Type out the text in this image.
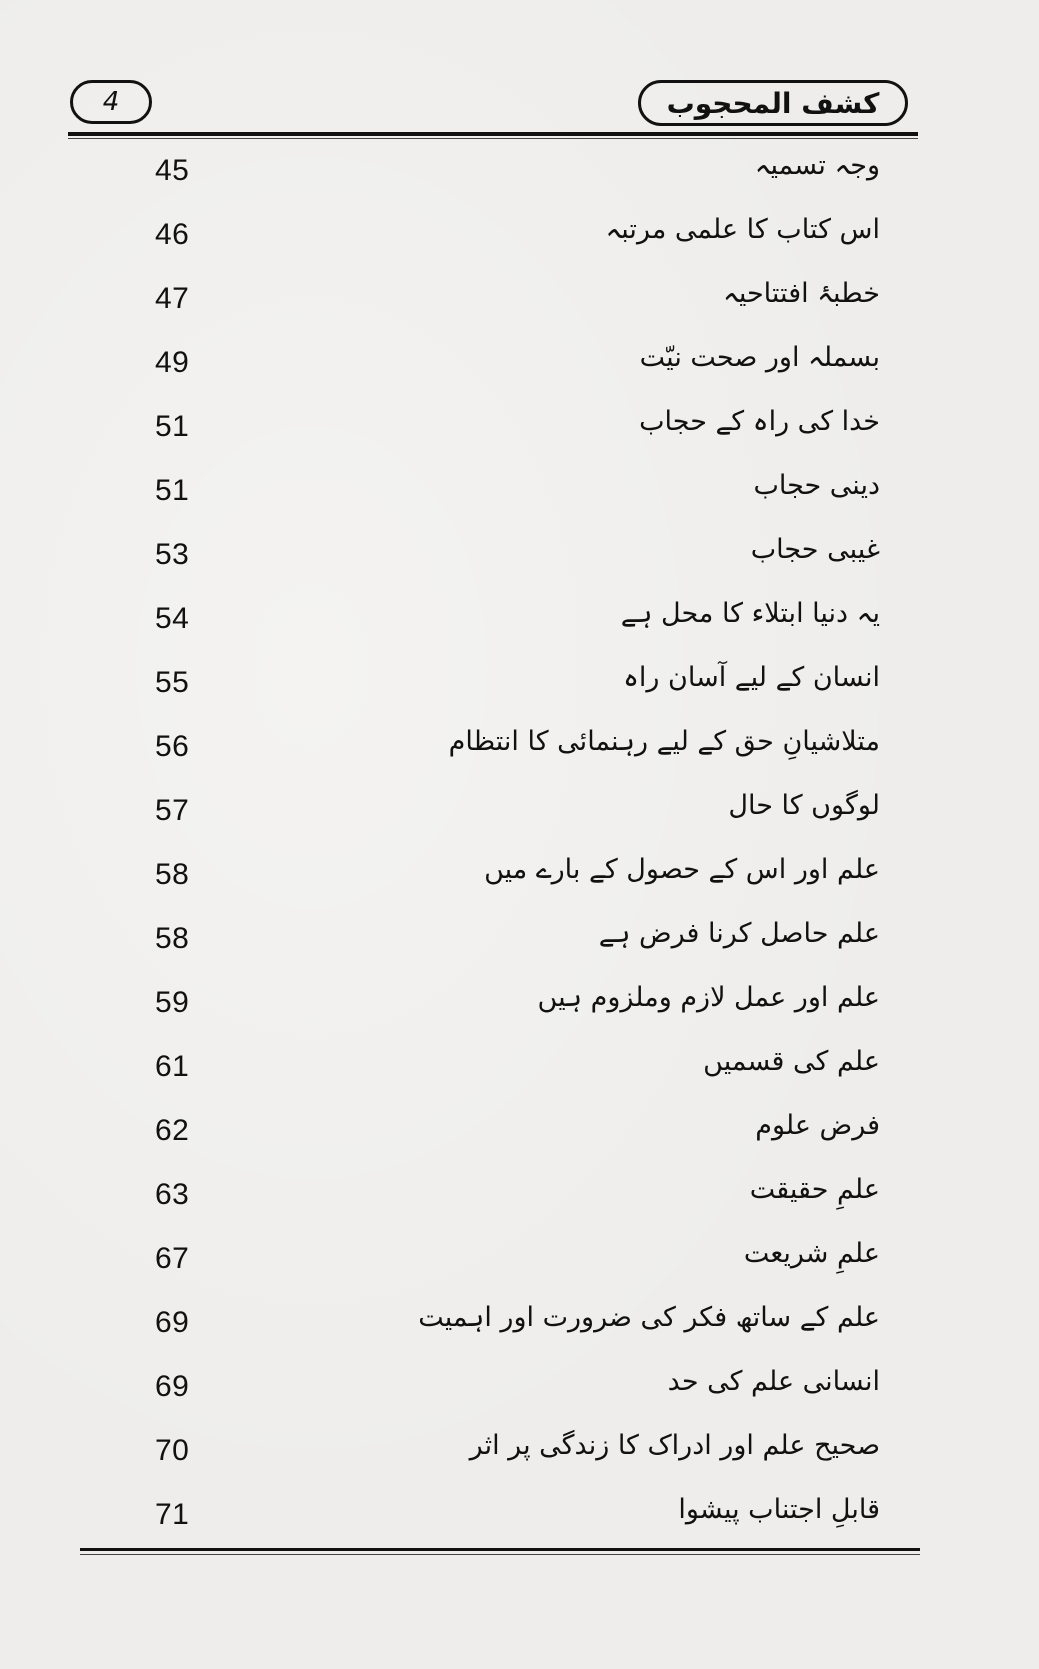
4	کشف المحجوب
45	وجہ تسمیہ
46	اس کتاب کا علمی مرتبہ
47	خطبۂ افتتاحیہ
49	بسملہ اور صحت نیّت
51	خدا کی راہ کے حجاب
51	دینی حجاب
53	غیبی حجاب
54	یہ دنیا ابتلاء کا محل ہے
55	انسان کے لیے آسان راہ
56	متلاشیانِ حق کے لیے رہنمائی کا انتظام
57	لوگوں کا حال
58	علم اور اس کے حصول کے بارے میں
58	علم حاصل کرنا فرض ہے
59	علم اور عمل لازم وملزوم ہیں
61	علم کی قسمیں
62	فرض علوم
63	علمِ حقیقت
67	علمِ شریعت
69	علم کے ساتھ فکر کی ضرورت اور اہمیت
69	انسانی علم کی حد
70	صحیح علم اور ادراک کا زندگی پر اثر
71	قابلِ اجتناب پیشوا
